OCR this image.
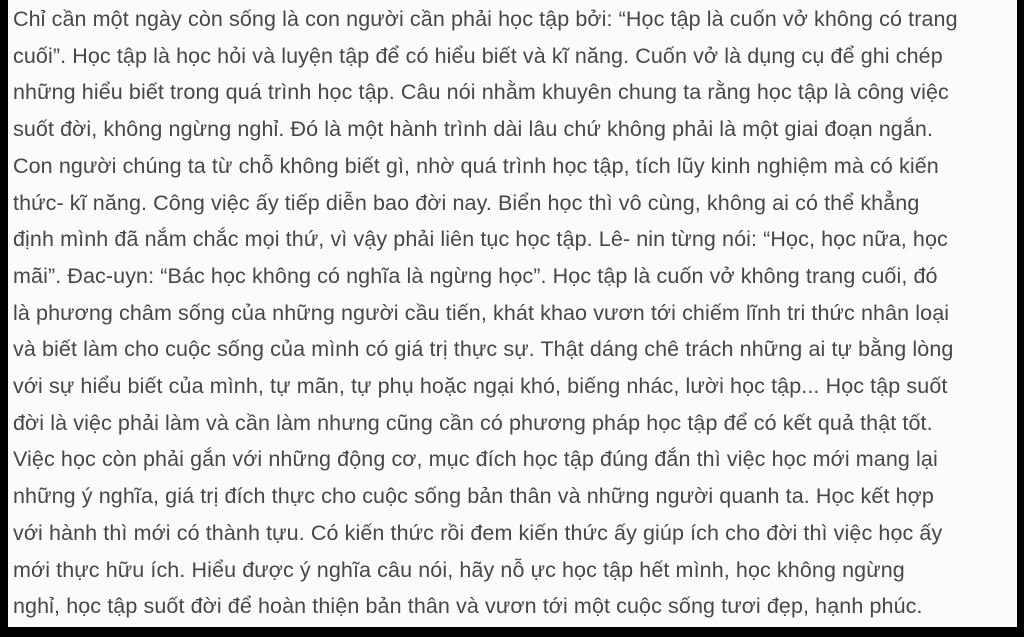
Chỉ cần một ngày còn sống là con người cần phải học tập bởi: “Học tập là cuốn vở không có trang
cuối”. Học tập là học hỏi và luyện tập để có hiểu biết và kĩ năng. Cuốn vở là dụng cụ để ghi chép
những hiểu biết trong quá trình học tập. Câu nói nhằm khuyên chung ta rằng học tập là công việc
suốt đời, không ngừng nghỉ. Đó là một hành trình dài lâu chứ không phải là một giai đoạn ngắn.
Con người chúng ta từ chỗ không biết gì, nhờ quá trình học tập, tích lũy kinh nghiệm mà có kiến
thức- kĩ năng. Công việc ấy tiếp diễn bao đời nay. Biển học thì vô cùng, không ai có thể khẳng
định mình đã nắm chắc mọi thứ, vì vậy phải liên tục học tập. Lê- nin từng nói: “Học, học nữa, học
mãi”. Đac-uyn: “Bác học không có nghĩa là ngừng học”. Học tập là cuốn vở không trang cuối, đó
là phương châm sống của những người cầu tiến, khát khao vươn tới chiếm lĩnh tri thức nhân loại
và biết làm cho cuộc sống của mình có giá trị thực sự. Thật dáng chê trách những ai tự bằng lòng
với sự hiểu biết của mình, tự mãn, tự phụ hoặc ngại khó, biếng nhác, lười học tập... Học tập suốt
đời là việc phải làm và cần làm nhưng cũng cần có phương pháp học tập để có kết quả thật tốt.
Việc học còn phải gắn với những động cơ, mục đích học tập đúng đắn thì việc học mới mang lại
những ý nghĩa, giá trị đích thực cho cuộc sống bản thân và những người quanh ta. Học kết hợp
với hành thì mới có thành tựu. Có kiến thức rồi đem kiến thức ấy giúp ích cho đời thì việc học ấy
mới thực hữu ích. Hiểu được ý nghĩa câu nói, hãy nỗ ực học tập hết mình, học không ngừng
nghỉ, học tập suốt đời để hoàn thiện bản thân và vươn tới một cuộc sống tươi đẹp, hạnh phúc.
